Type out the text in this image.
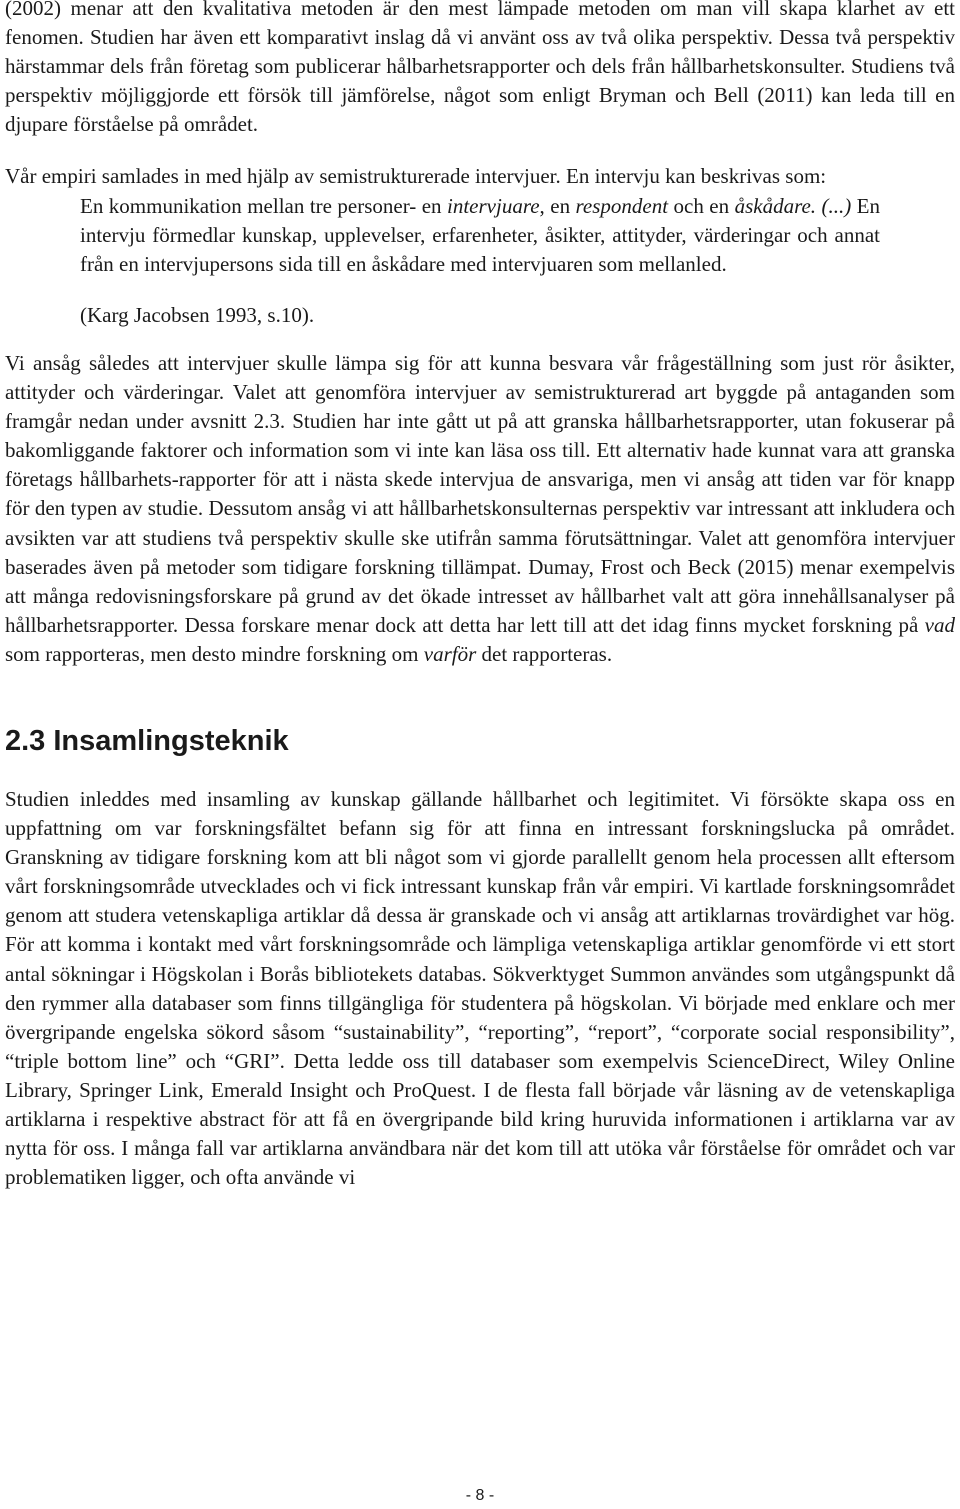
(2002) menar att den kvalitativa metoden är den mest lämpade metoden om man vill skapa klarhet av ett fenomen. Studien har även ett komparativt inslag då vi använt oss av två olika perspektiv. Dessa två perspektiv härstammar dels från företag som publicerar hålbarhetsrapporter och dels från hållbarhetskonsulter. Studiens två perspektiv möjliggjorde ett försök till jämförelse, något som enligt Bryman och Bell (2011) kan leda till en djupare förståelse på området.

Vår empiri samlades in med hjälp av semistrukturerade intervjuer. En intervju kan beskrivas som:

En kommunikation mellan tre personer- en intervjuare, en respondent och en åskådare. (...) En intervju förmedlar kunskap, upplevelser, erfarenheter, åsikter, attityder, värderingar och annat från en intervjupersons sida till en åskådare med intervjuaren som mellanled.

(Karg Jacobsen 1993, s.10).

Vi ansåg således att intervjuer skulle lämpa sig för att kunna besvara vår frågeställning som just rör åsikter, attityder och värderingar. Valet att genomföra intervjuer av semistrukturerad art byggde på antaganden som framgår nedan under avsnitt 2.3. Studien har inte gått ut på att granska hållbarhetsrapporter, utan fokuserar på bakomliggande faktorer och information som vi inte kan läsa oss till. Ett alternativ hade kunnat vara att granska företags hållbarhets-rapporter för att i nästa skede intervjua de ansvariga, men vi ansåg att tiden var för knapp för den typen av studie. Dessutom ansåg vi att hållbarhetskonsulternas perspektiv var intressant att inkludera och avsikten var att studiens två perspektiv skulle ske utifrån samma förutsättningar. Valet att genomföra intervjuer baserades även på metoder som tidigare forskning tillämpat. Dumay, Frost och Beck (2015) menar exempelvis att många redovisningsforskare på grund av det ökade intresset av hållbarhet valt att göra innehållsanalyser på hållbarhetsrapporter. Dessa forskare menar dock att detta har lett till att det idag finns mycket forskning på vad som rapporteras, men desto mindre forskning om varför det rapporteras.

2.3 Insamlingsteknik

Studien inleddes med insamling av kunskap gällande hållbarhet och legitimitet. Vi försökte skapa oss en uppfattning om var forskningsfältet befann sig för att finna en intressant forskningslucka på området. Granskning av tidigare forskning kom att bli något som vi gjorde parallellt genom hela processen allt eftersom vårt forskningsområde utvecklades och vi fick intressant kunskap från vår empiri. Vi kartlade forskningsområdet genom att studera vetenskapliga artiklar då dessa är granskade och vi ansåg att artiklarnas trovärdighet var hög. För att komma i kontakt med vårt forskningsområde och lämpliga vetenskapliga artiklar genomförde vi ett stort antal sökningar i Högskolan i Borås bibliotekets databas. Sökverktyget Summon användes som utgångspunkt då den rymmer alla databaser som finns tillgängliga för studentera på högskolan. Vi började med enklare och mer övergripande engelska sökord såsom “sustainability”, “reporting”, “report”, “corporate social responsibility”, “triple bottom line” och “GRI”. Detta ledde oss till databaser som exempelvis ScienceDirect, Wiley Online Library, Springer Link, Emerald Insight och ProQuest. I de flesta fall började vår läsning av de vetenskapliga artiklarna i respektive abstract för att få en övergripande bild kring huruvida informationen i artiklarna var av nytta för oss. I många fall var artiklarna användbara när det kom till att utöka vår förståelse för området och var problematiken ligger, och ofta använde vi

- 8 -
